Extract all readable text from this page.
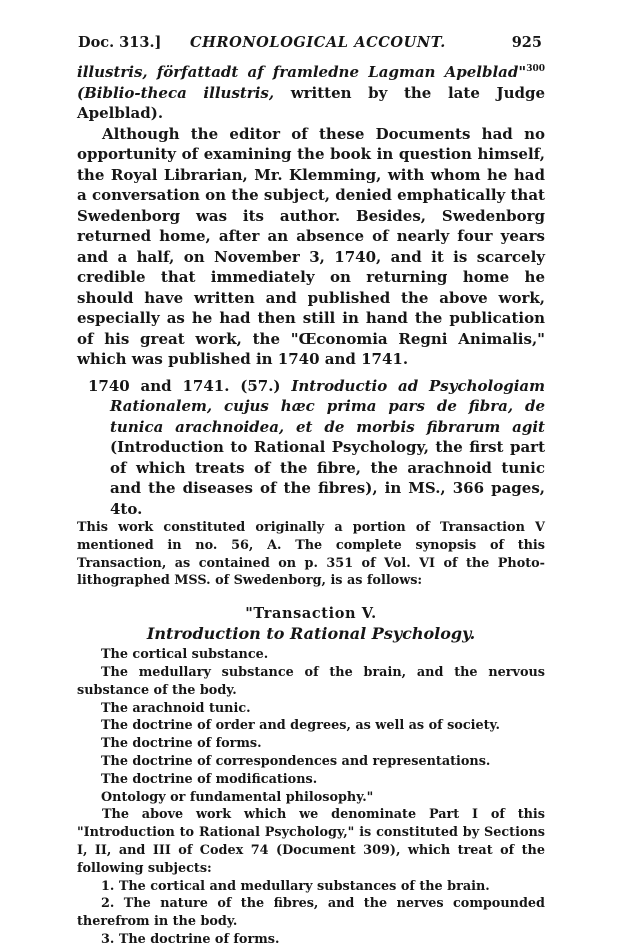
Doc. 313.] CHRONOLOGICAL ACCOUNT.	925

illustris, författadt af framledne Lagman Apelblad"$^{300}$ (Biblio-theca illustris, written by the late Judge Apelblad).

Although the editor of these Documents had no opportunity of examining the book in question himself, the Royal Librarian, Mr. Klemming, with whom he had a conversation on the subject, denied emphatically that Swedenborg was its author. Besides, Swedenborg returned home, after an absence of nearly four years and a half, on November 3, 1740, and it is scarcely credible that immediately on returning home he should have written and published the above work, especially as he had then still in hand the publication of his great work, the "Œconomia Regni Animalis," which was published in 1740 and 1741.

1740 and 1741. (57.) Introductio ad Psychologiam Rationalem, cujus hæc prima pars de fibra, de tunica arachnoidea, et de morbis fibrarum agit (Introduction to Rational Psychology, the first part of which treats of the fibre, the arachnoid tunic and the diseases of the fibres), in MS., 366 pages, 4to.

This work constituted originally a portion of Transaction V mentioned in no. 56, A. The complete synopsis of this Transaction, as contained on p. 351 of Vol. VI of the Photo-lithographed MSS. of Swedenborg, is as follows:

"Transaction V.

Introduction to Rational Psychology.

The cortical substance.

The medullary substance of the brain, and the nervous substance of the body.

The arachnoid tunic.

The doctrine of order and degrees, as well as of society.

The doctrine of forms.

The doctrine of correspondences and representations.

The doctrine of modifications.

Ontology or fundamental philosophy."

The above work which we denominate Part I of this "Introduction to Rational Psychology," is constituted by Sections I, II, and III of Codex 74 (Document 309), which treat of the following subjects:

1. The cortical and medullary substances of the brain.

2. The nature of the fibres, and the nerves compounded therefrom in the body.

3. The doctrine of forms.
